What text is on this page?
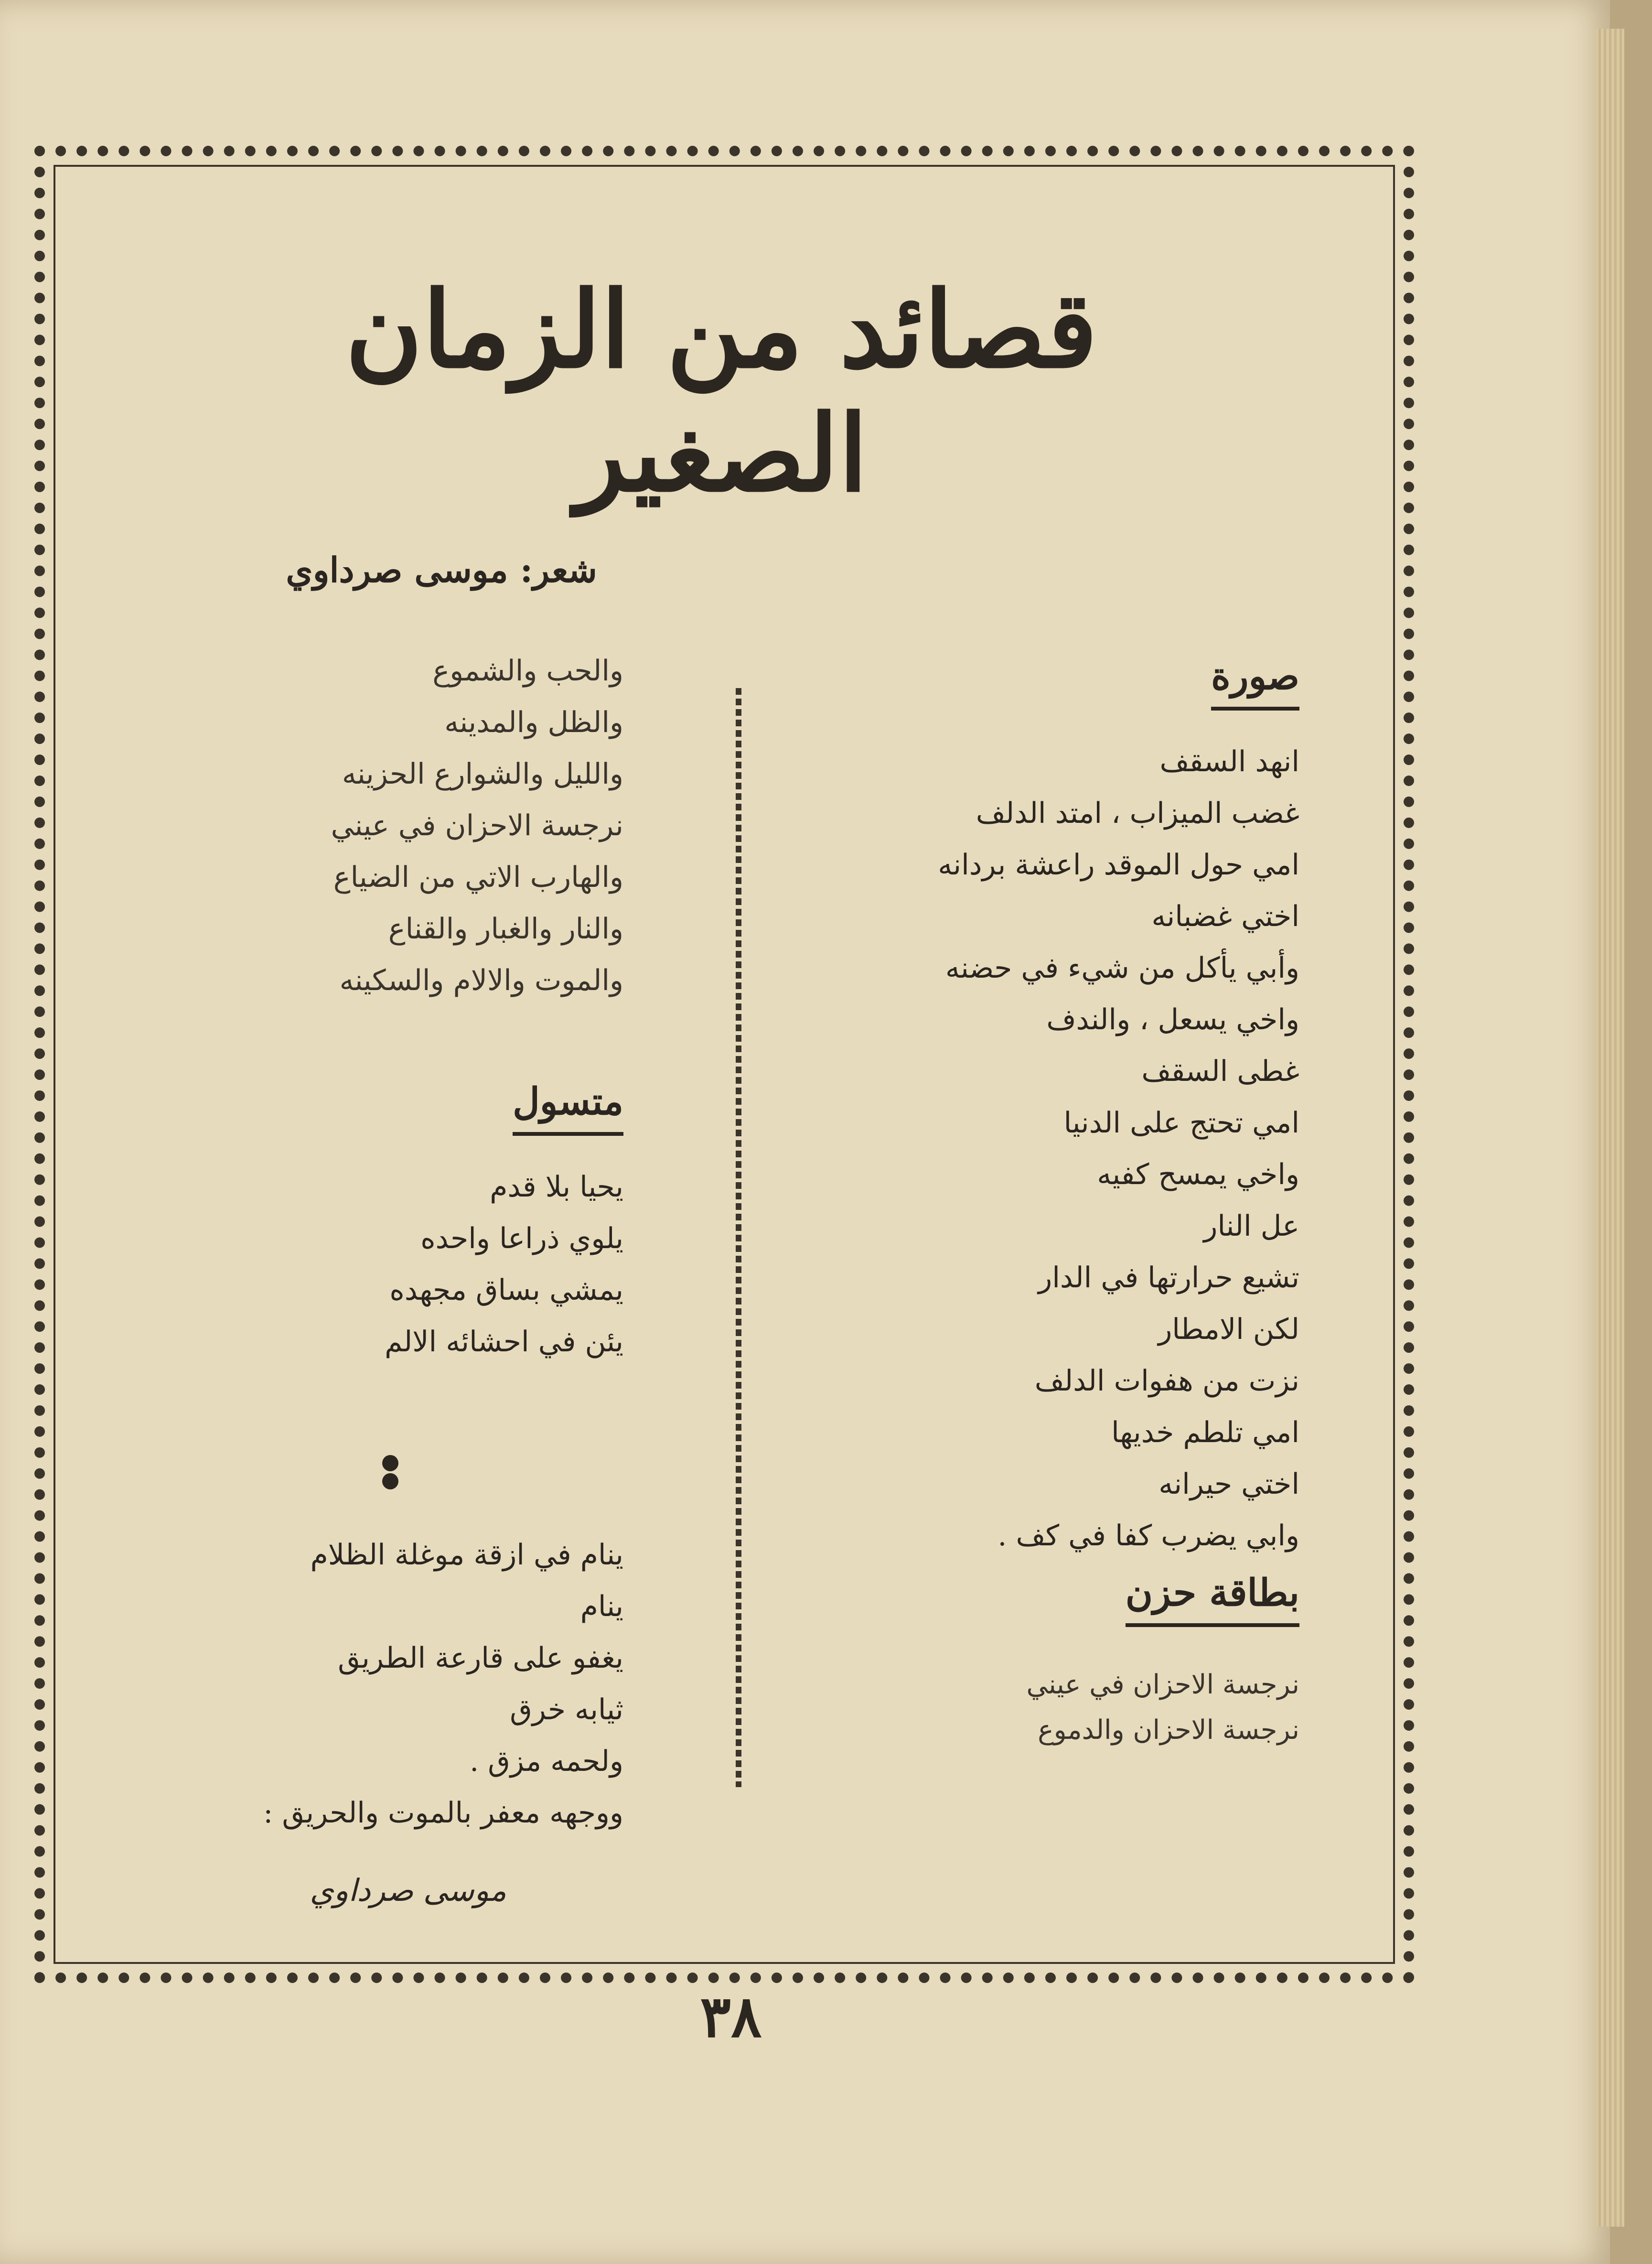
قصائد من الزمان الصغير
شعر: موسى صرداوي
صورة
انهد السقف
غضب الميزاب ، امتد الدلف
امي حول الموقد راعشة بردانه
اختي غضبانه
وأبي يأكل من شيء في حضنه
واخي يسعل ، والندف
غطى السقف
امي تحتج على الدنيا
واخي يمسح كفيه
عل النار
تشيع حرارتها في الدار
لكن الامطار
نزت من هفوات الدلف
امي تلطم خديها
اختي حيرانه
وابي يضرب كفا في كف .
بطاقة حزن
نرجسة الاحزان في عيني
نرجسة الاحزان والدموع
والحب والشموع
والظل والمدينه
والليل والشوارع الحزينه
نرجسة الاحزان في عيني
والهارب الاتي من الضياع
والنار والغبار والقناع
والموت والالام والسكينه
متسول
يحيا بلا قدم
يلوي ذراعا واحده
يمشي بساق مجهده
يئن في احشائه الالم
ينام في ازقة موغلة الظلام
ينام
يغفو على قارعة الطريق
ثيابه خرق
ولحمه مزق .
ووجهه معفر بالموت والحريق :
موسى صرداوي
٣٨
